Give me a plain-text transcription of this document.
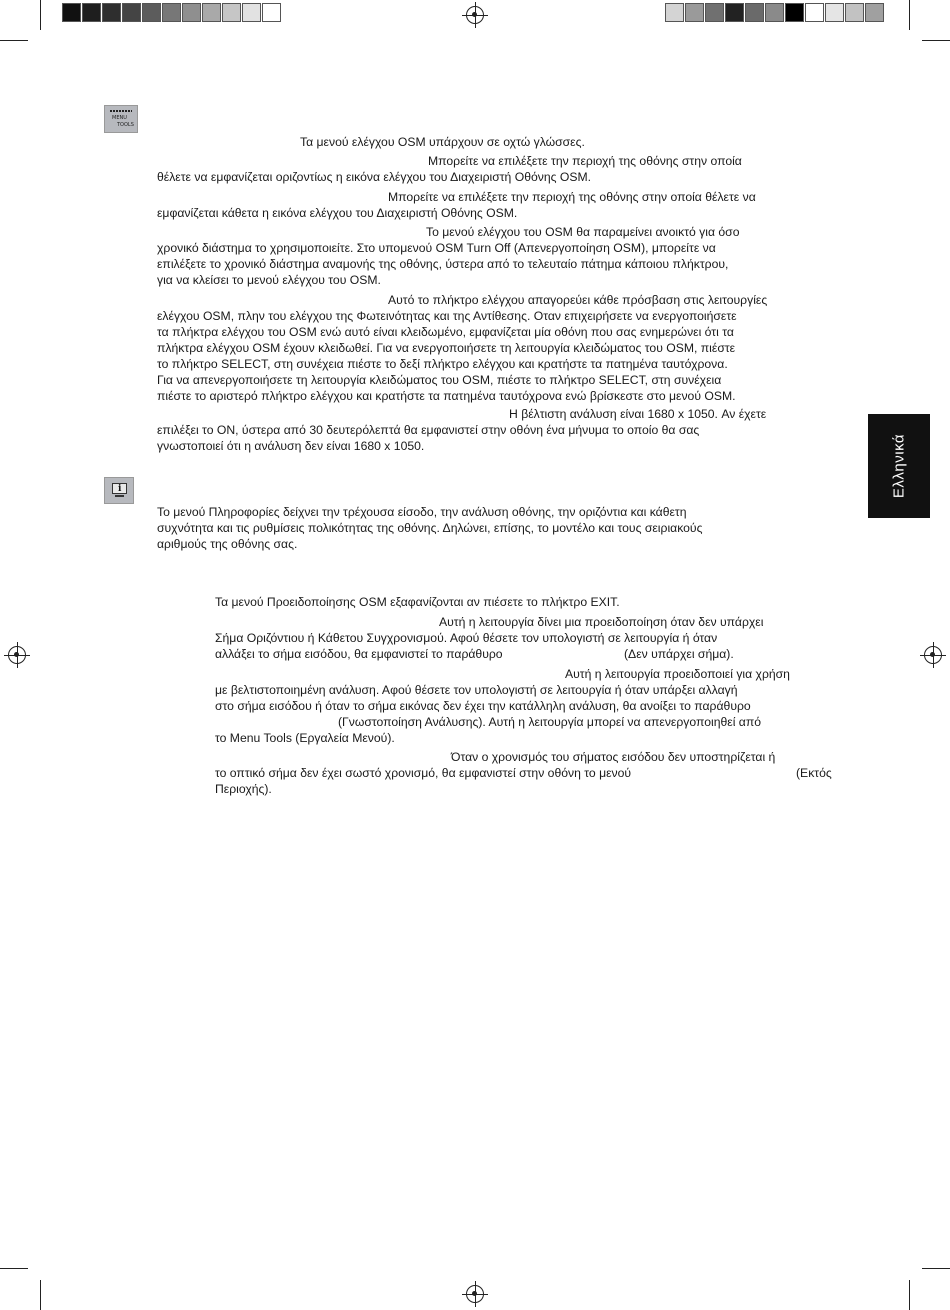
Ελληνικά
MENU
TOOLS
Τα μενού ελέγχου OSM υπάρχουν σε οχτώ γλώσσες.
Μπορείτε να επιλέξετε την περιοχή της οθόνης στην οποία
θέλετε να εμφανίζεται οριζοντίως η εικόνα ελέγχου του Διαχειριστή Οθόνης OSM.
Μπορείτε να επιλέξετε την περιοχή της οθόνης στην οποία θέλετε να
εμφανίζεται κάθετα η εικόνα ελέγχου του Διαχειριστή Οθόνης OSM.
Το μενού ελέγχου του OSM θα παραμείνει ανοικτό για όσο
χρονικό διάστημα το χρησιμοποιείτε. Στο υπομενού OSM Turn Off (Απενεργοποίηση OSM), μπορείτε να
επιλέξετε το χρονικό διάστημα αναμονής της οθόνης, ύστερα από το τελευταίο πάτημα κάποιου πλήκτρου,
για να κλείσει το μενού ελέγχου του OSM.
Αυτό το πλήκτρο ελέγχου απαγορεύει κάθε πρόσβαση στις λειτουργίες
ελέγχου OSM, πλην του ελέγχου της Φωτεινότητας και της Αντίθεσης. Οταν επιχειρήσετε να ενεργοποιήσετε
τα πλήκτρα ελέγχου του OSM ενώ αυτό είναι κλειδωμένο, εμφανίζεται μία οθόνη που σας ενημερώνει ότι τα
πλήκτρα ελέγχου OSM έχουν κλειδωθεί. Για να ενεργοποιήσετε τη λειτουργία κλειδώματος του OSM, πιέστε
το πλήκτρο SELECT, στη συνέχεια πιέστε το δεξί πλήκτρο ελέγχου και κρατήστε τα πατημένα ταυτόχρονα.
Για να απενεργοποιήσετε τη λειτουργία κλειδώματος του OSM, πιέστε το πλήκτρο SELECT, στη συνέχεια
πιέστε το αριστερό πλήκτρο ελέγχου και κρατήστε τα πατημένα ταυτόχρονα ενώ βρίσκεστε στο μενού OSM.
Η βέλτιστη ανάλυση είναι 1680 x 1050. Αν έχετε
επιλέξει το ON, ύστερα από 30 δευτερόλεπτά θα εμφανιστεί στην οθόνη ένα μήνυμα το οποίο θα σας
γνωστοποιεί ότι η ανάλυση δεν είναι 1680 x 1050.
i
Το μενού Πληροφορίες δείχνει την τρέχουσα είσοδο, την ανάλυση οθόνης, την οριζόντια και κάθετη
συχνότητα και τις ρυθμίσεις πολικότητας της οθόνης. Δηλώνει, επίσης, το μοντέλο και τους σειριακούς
αριθμούς της οθόνης σας.
Τα μενού Προειδοποίησης OSM εξαφανίζονται αν πιέσετε το πλήκτρο EXIT.
Αυτή η λειτουργία δίνει μια προειδοποίηση όταν δεν υπάρχει
Σήμα Οριζόντιου ή Κάθετου Συγχρονισμού. Αφού θέσετε τον υπολογιστή σε λειτουργία ή όταν
αλλάξει το σήμα εισόδου, θα εμφανιστεί το παράθυρο	(Δεν υπάρχει σήμα).
Αυτή η λειτουργία προειδοποιεί για χρήση
με βελτιστοποιημένη ανάλυση. Αφού θέσετε τον υπολογιστή σε λειτουργία ή όταν υπάρξει αλλαγή
στο σήμα εισόδου ή όταν το σήμα εικόνας δεν έχει την κατάλληλη ανάλυση, θα ανοίξει το παράθυρο
(Γνωστοποίηση Ανάλυσης). Αυτή η λειτουργία μπορεί να απενεργοποιηθεί από
το Menu Tools (Εργαλεία Μενού).
Όταν ο χρονισμός του σήματος εισόδου δεν υποστηρίζεται ή
το οπτικό σήμα δεν έχει σωστό χρονισμό, θα εμφανιστεί στην οθόνη το μενού	(Εκτός
Περιοχής).
